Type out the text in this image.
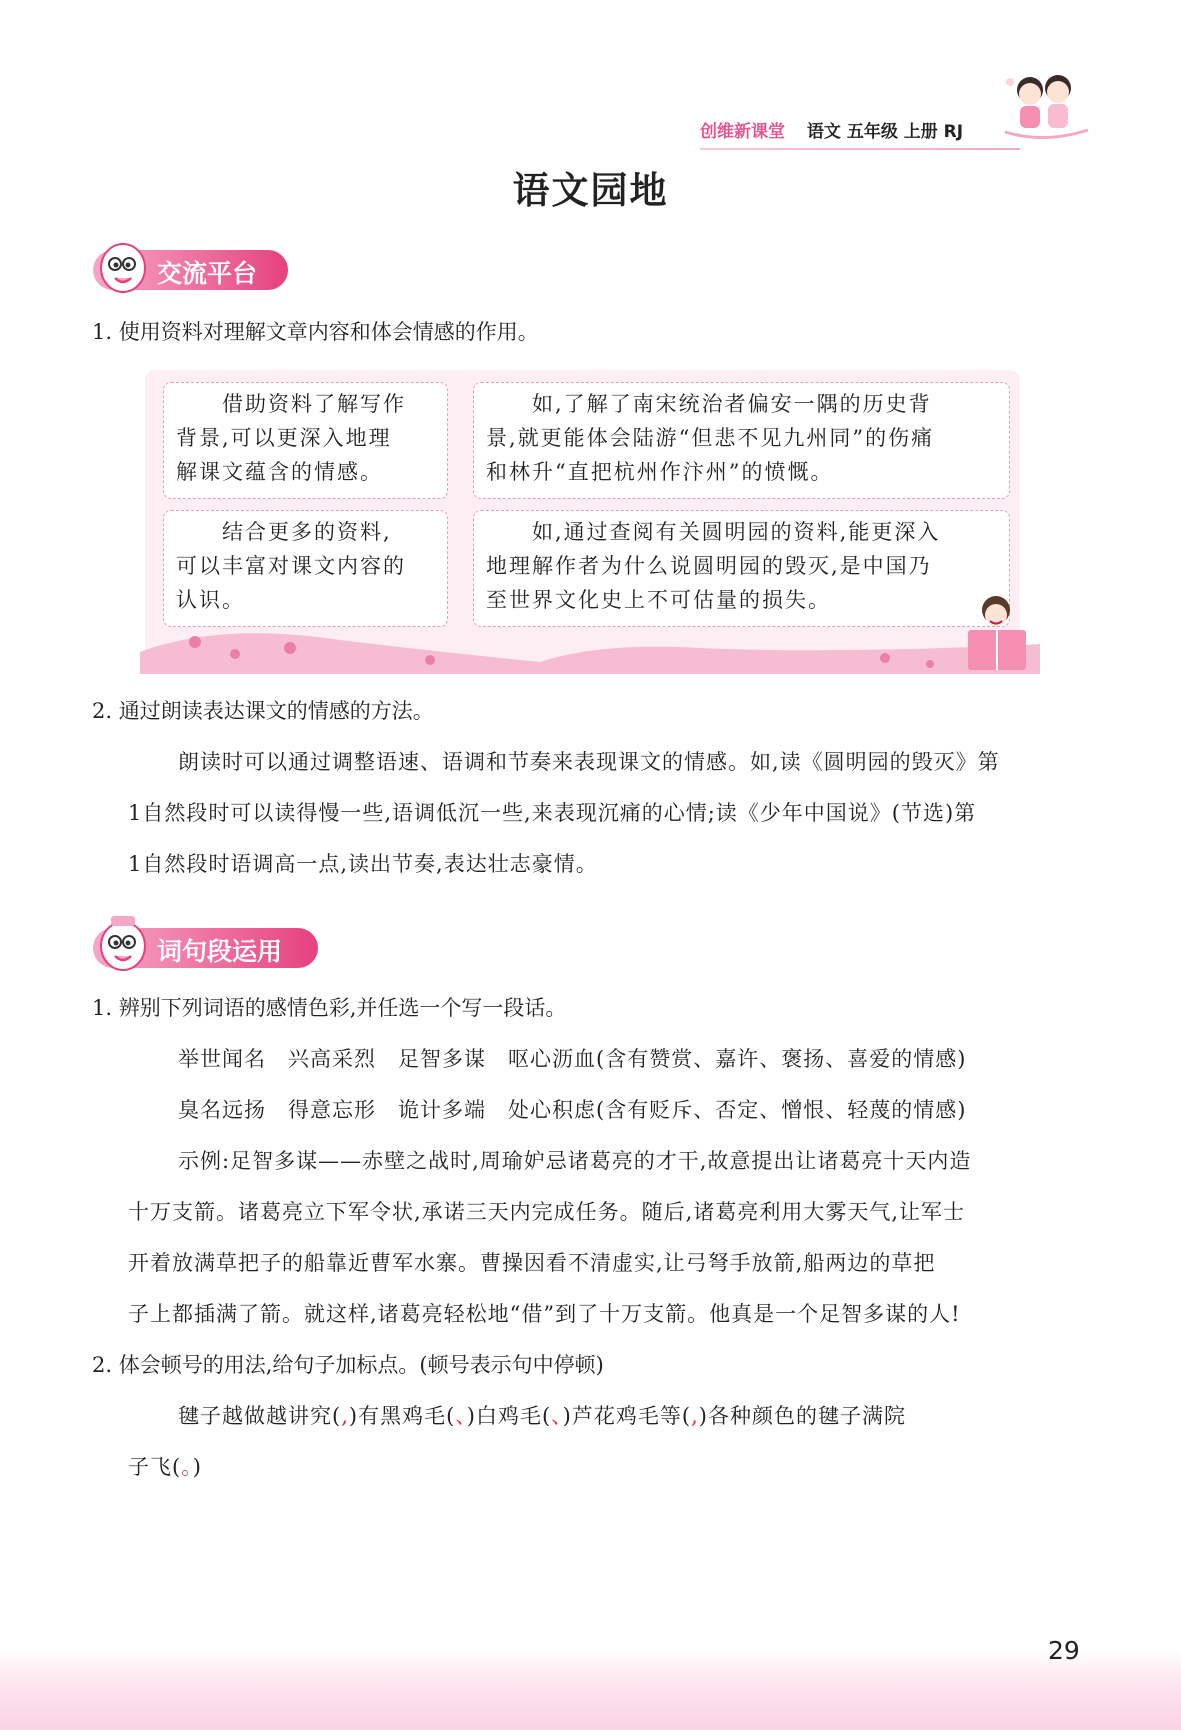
创维新课堂 语文 五年级 上册 RJ
语文园地
交流平台
1. 使用资料对理解文章内容和体会情感的作用。
　　借助资料了解写作
背景,可以更深入地理
解课文蕴含的情感。
　　如,了解了南宋统治者偏安一隅的历史背
景,就更能体会陆游“但悲不见九州同”的伤痛
和林升“直把杭州作汴州”的愤慨。
　　结合更多的资料,
可以丰富对课文内容的
认识。
　　如,通过查阅有关圆明园的资料,能更深入
地理解作者为什么说圆明园的毁灭,是中国乃
至世界文化史上不可估量的损失。
2. 通过朗读表达课文的情感的方法。
朗读时可以通过调整语速、语调和节奏来表现课文的情感。如,读《圆明园的毁灭》第
1自然段时可以读得慢一些,语调低沉一些,来表现沉痛的心情;读《少年中国说》(节选)第
1自然段时语调高一点,读出节奏,表达壮志豪情。
词句段运用
1. 辨别下列词语的感情色彩,并任选一个写一段话。
举世闻名　兴高采烈　足智多谋　呕心沥血(含有赞赏、嘉许、褒扬、喜爱的情感)
臭名远扬　得意忘形　诡计多端　处心积虑(含有贬斥、否定、憎恨、轻蔑的情感)
示例:足智多谋——赤壁之战时,周瑜妒忌诸葛亮的才干,故意提出让诸葛亮十天内造
十万支箭。诸葛亮立下军令状,承诺三天内完成任务。随后,诸葛亮利用大雾天气,让军士
开着放满草把子的船靠近曹军水寨。曹操因看不清虚实,让弓弩手放箭,船两边的草把
子上都插满了箭。就这样,诸葛亮轻松地“借”到了十万支箭。他真是一个足智多谋的人!
2. 体会顿号的用法,给句子加标点。(顿号表示句中停顿)
毽子越做越讲究(,)有黑鸡毛(、)白鸡毛(、)芦花鸡毛等(,)各种颜色的毽子满院
子飞(。)
29
